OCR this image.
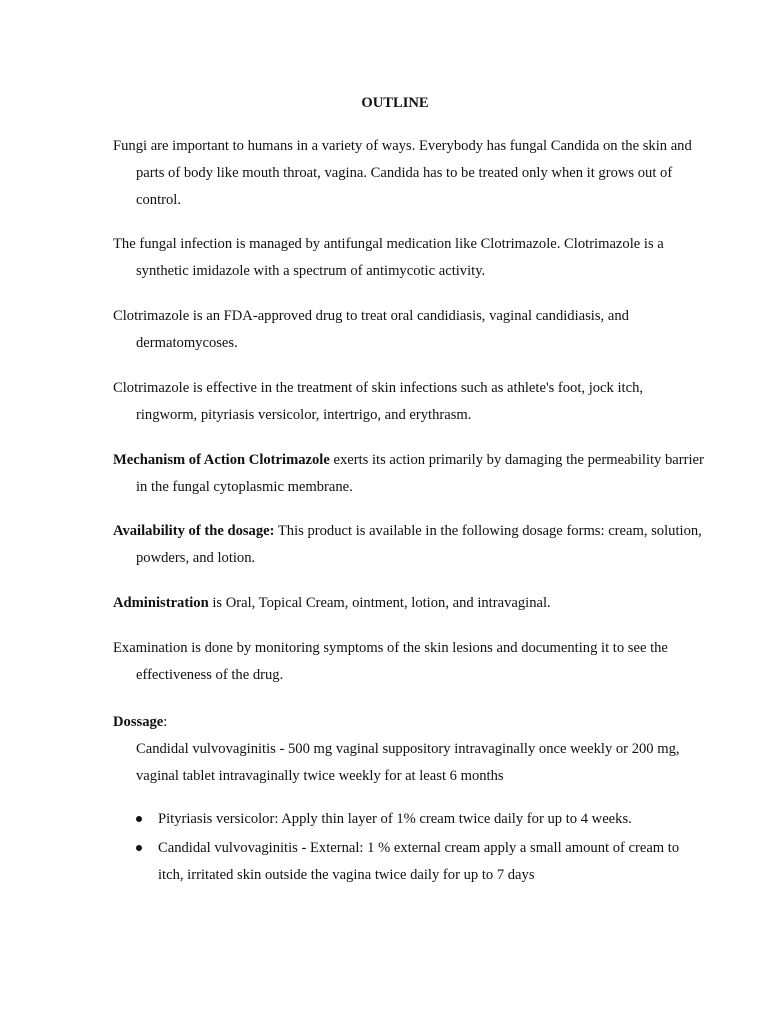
OUTLINE

Fungi are important to humans in a variety of ways. Everybody has fungal Candida on the skin and parts of body like mouth throat, vagina. Candida has to be treated only when it grows out of control.

The fungal infection is managed by antifungal medication like Clotrimazole. Clotrimazole is a synthetic imidazole with a spectrum of antimycotic activity.

Clotrimazole is an FDA-approved drug to treat oral candidiasis, vaginal candidiasis, and dermatomycoses.

Clotrimazole is effective in the treatment of skin infections such as athlete's foot, jock itch, ringworm, pityriasis versicolor, intertrigo, and erythrasm.

Mechanism of Action Clotrimazole exerts its action primarily by damaging the permeability barrier in the fungal cytoplasmic membrane.

Availability of the dosage: This product is available in the following dosage forms: cream, solution, powders, and lotion.

Administration is Oral, Topical Cream, ointment, lotion, and intravaginal.

Examination is done by monitoring symptoms of the skin lesions and documenting it to see the effectiveness of the drug.

Dossage:
Candidal vulvovaginitis - 500 mg vaginal suppository intravaginally once weekly or 200 mg, vaginal tablet intravaginally twice weekly for at least 6 months
Pityriasis versicolor: Apply thin layer of 1% cream twice daily for up to 4 weeks.
Candidal vulvovaginitis - External: 1 % external cream apply a small amount of cream to itch, irritated skin outside the vagina twice daily for up to 7 days
